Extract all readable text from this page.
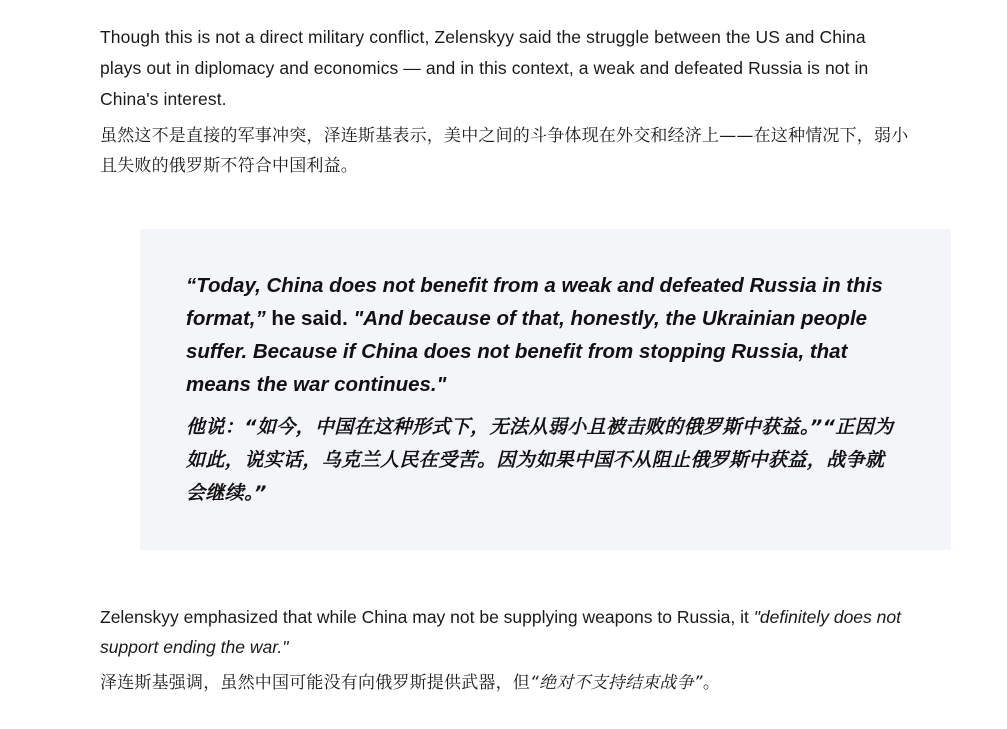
Though this is not a direct military conflict, Zelenskyy said the struggle between the US and China plays out in diplomacy and economics — and in this context, a weak and defeated Russia is not in China's interest.

虽然这不是直接的军事冲突，泽连斯基表示，美中之间的斗争体现在外交和经济上——在这种情况下，弱小且失败的俄罗斯不符合中国利益。

“Today, China does not benefit from a weak and defeated Russia in this format,” he said. "And because of that, honestly, the Ukrainian people suffer. Because if China does not benefit from stopping Russia, that means the war continues."

他说：“如今，中国在这种形式下，无法从弱小且被击败的俄罗斯中获益。”“正因为如此，说实话，乌克兰人民在受苦。因为如果中国不从阻止俄罗斯中获益，战争就会继续。”

Zelenskyy emphasized that while China may not be supplying weapons to Russia, it "definitely does not support ending the war."

泽连斯基强调，虽然中国可能没有向俄罗斯提供武器，但“绝对不支持结束战争”。
